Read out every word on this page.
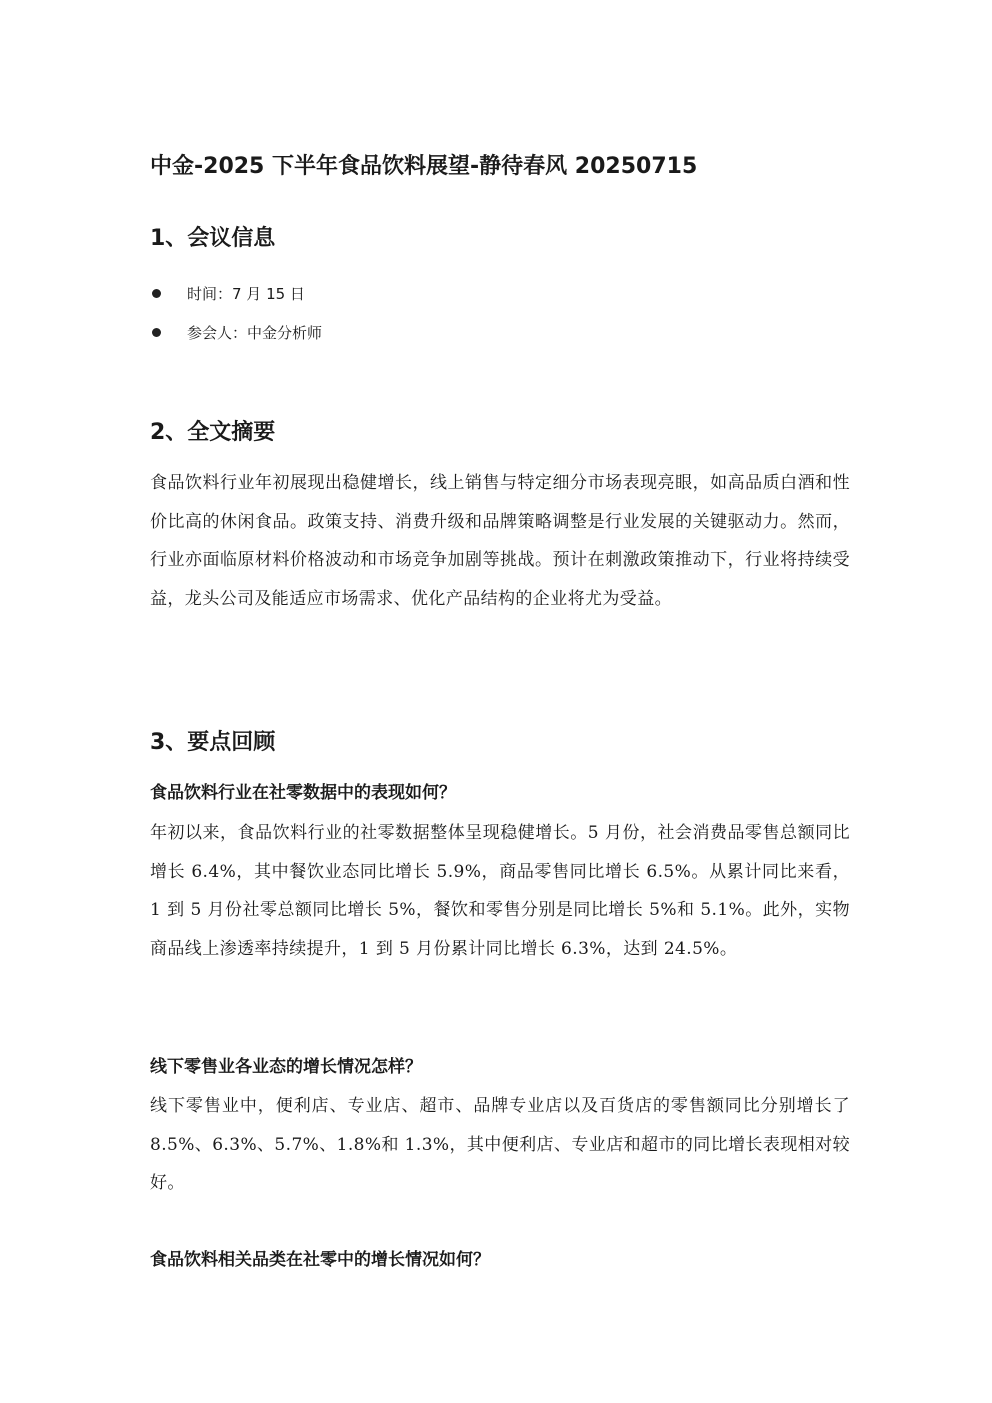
中金-2025 下半年食品饮料展望-静待春风 20250715
1、会议信息
时间：7 月 15 日
参会人：中金分析师
2、全文摘要

食品饮料行业年初展现出稳健增长，线上销售与特定细分市场表现亮眼，如高品质白酒和性价比高的休闲食品。政策支持、消费升级和品牌策略调整是行业发展的关键驱动力。然而，行业亦面临原材料价格波动和市场竞争加剧等挑战。预计在刺激政策推动下，行业将持续受益，龙头公司及能适应市场需求、优化产品结构的企业将尤为受益。

3、要点回顾

食品饮料行业在社零数据中的表现如何？

年初以来，食品饮料行业的社零数据整体呈现稳健增长。5 月份，社会消费品零售总额同比增长 6.4%，其中餐饮业态同比增长 5.9%，商品零售同比增长 6.5%。从累计同比来看，1 到 5 月份社零总额同比增长 5%，餐饮和零售分别是同比增长 5%和 5.1%。此外，实物商品线上渗透率持续提升，1 到 5 月份累计同比增长 6.3%，达到 24.5%。

线下零售业各业态的增长情况怎样？

线下零售业中，便利店、专业店、超市、品牌专业店以及百货店的零售额同比分别增长了 8.5%、6.3%、5.7%、1.8%和 1.3%，其中便利店、专业店和超市的同比增长表现相对较好。

食品饮料相关品类在社零中的增长情况如何？
